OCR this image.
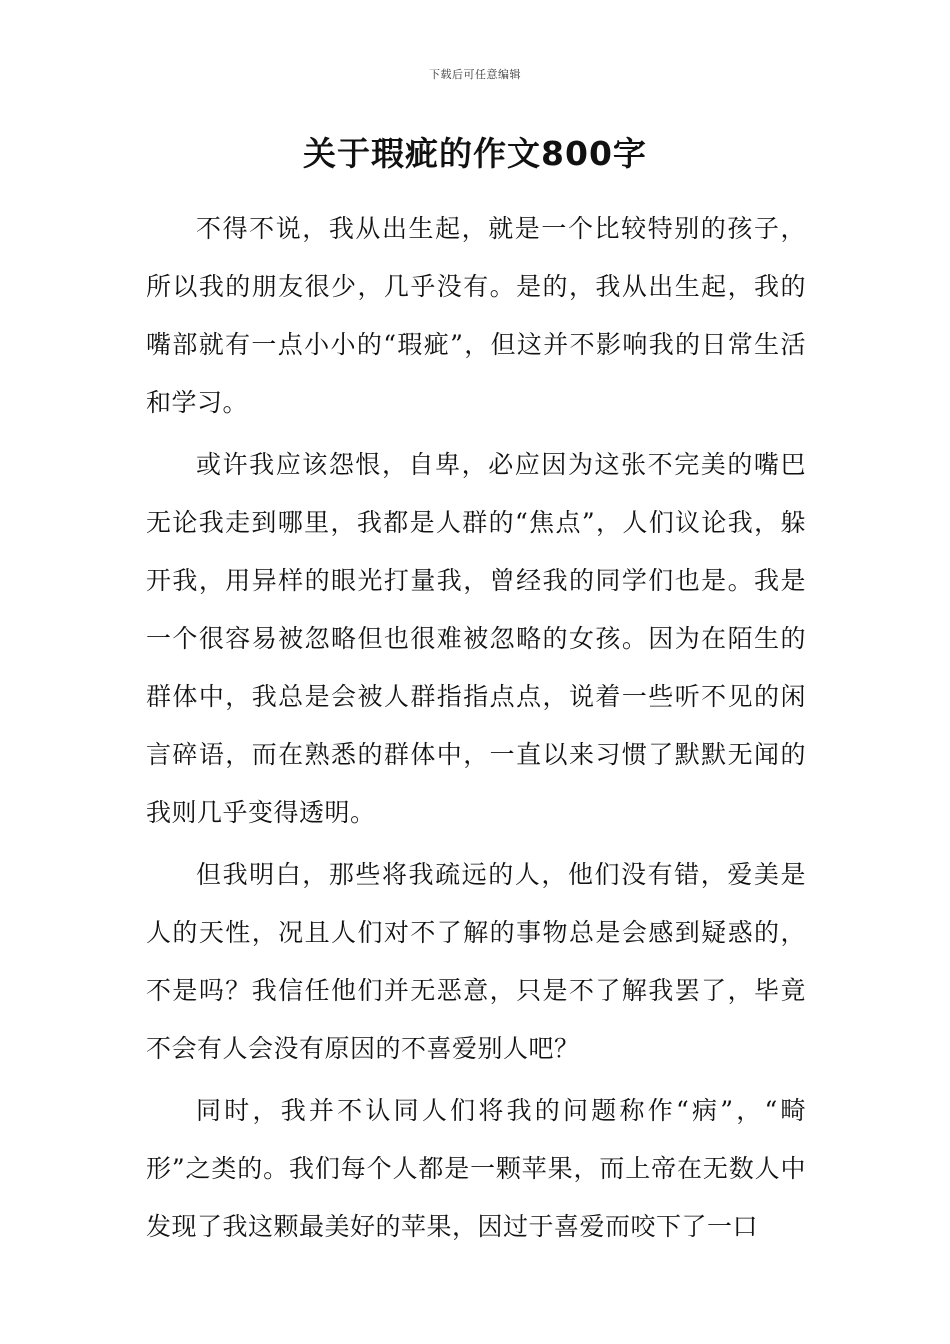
下载后可任意编辑
关于瑕疵的作文800字

不得不说，我从出生起，就是一个比较特别的孩子，所以我的朋友很少，几乎没有。是的，我从出生起，我的嘴部就有一点小小的“瑕疵”，但这并不影响我的日常生活和学习。

或许我应该怨恨，自卑，必应因为这张不完美的嘴巴无论我走到哪里，我都是人群的“焦点”，人们议论我，躲开我，用异样的眼光打量我，曾经我的同学们也是。我是一个很容易被忽略但也很难被忽略的女孩。因为在陌生的群体中，我总是会被人群指指点点，说着一些听不见的闲言碎语，而在熟悉的群体中，一直以来习惯了默默无闻的我则几乎变得透明。

但我明白，那些将我疏远的人，他们没有错，爱美是人的天性，况且人们对不了解的事物总是会感到疑惑的，不是吗？我信任他们并无恶意，只是不了解我罢了，毕竟不会有人会没有原因的不喜爱别人吧？

同时，我并不认同人们将我的问题称作“病”，“畸形”之类的。我们每个人都是一颗苹果，而上帝在无数人中发现了我这颗最美好的苹果，因过于喜爱而咬下了一口
